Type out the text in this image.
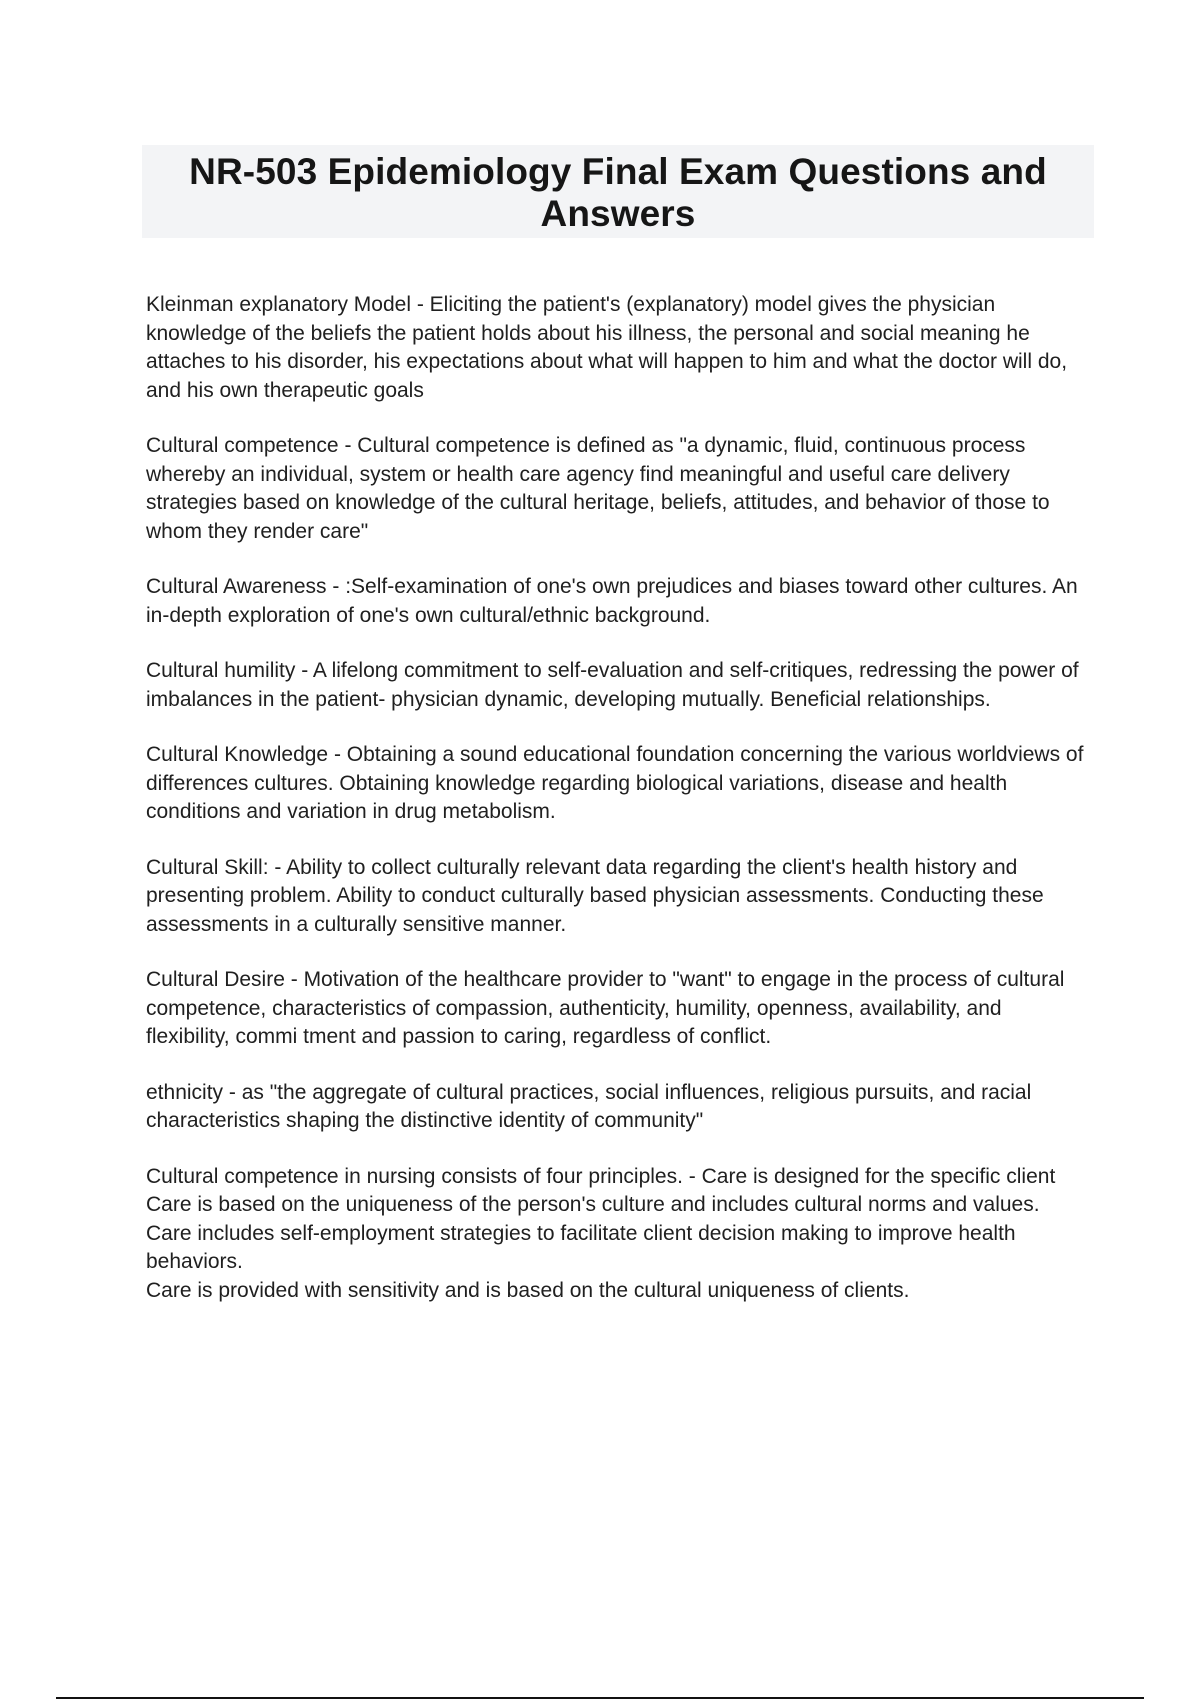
NR-503 Epidemiology Final Exam Questions and
Answers

Kleinman explanatory Model - Eliciting the patient's (explanatory) model gives the physician knowledge of the beliefs the patient holds about his illness, the personal and social meaning he attaches to his disorder, his expectations about what will happen to him and what the doctor will do, and his own therapeutic goals

Cultural competence - Cultural competence is defined as "a dynamic, fluid, continuous process whereby an individual, system or health care agency find meaningful and useful care delivery strategies based on knowledge of the cultural heritage, beliefs, attitudes, and behavior of those to whom they render care"

Cultural Awareness - :Self-examination of one's own prejudices and biases toward other cultures. An in-depth exploration of one's own cultural/ethnic background.

Cultural humility - A lifelong commitment to self-evaluation and self-critiques, redressing the power of imbalances in the patient- physician dynamic, developing mutually. Beneficial relationships.

Cultural Knowledge - Obtaining a sound educational foundation concerning the various worldviews of differences cultures. Obtaining knowledge regarding biological variations, disease and health conditions and variation in drug metabolism.

Cultural Skill: - Ability to collect culturally relevant data regarding the client's health history and presenting problem. Ability to conduct culturally based physician assessments. Conducting these assessments in a culturally sensitive manner.

Cultural Desire - Motivation of the healthcare provider to "want" to engage in the process of cultural competence, characteristics of compassion, authenticity, humility, openness, availability, and flexibility, commi tment and passion to caring, regardless of conflict.

ethnicity - as "the aggregate of cultural practices, social influences, religious pursuits, and racial characteristics shaping the distinctive identity of community"

Cultural competence in nursing consists of four principles. - Care is designed for the specific client
Care is based on the uniqueness of the person's culture and includes cultural norms and values.
Care includes self-employment strategies to facilitate client decision making to improve health behaviors.
Care is provided with sensitivity and is based on the cultural uniqueness of clients.
